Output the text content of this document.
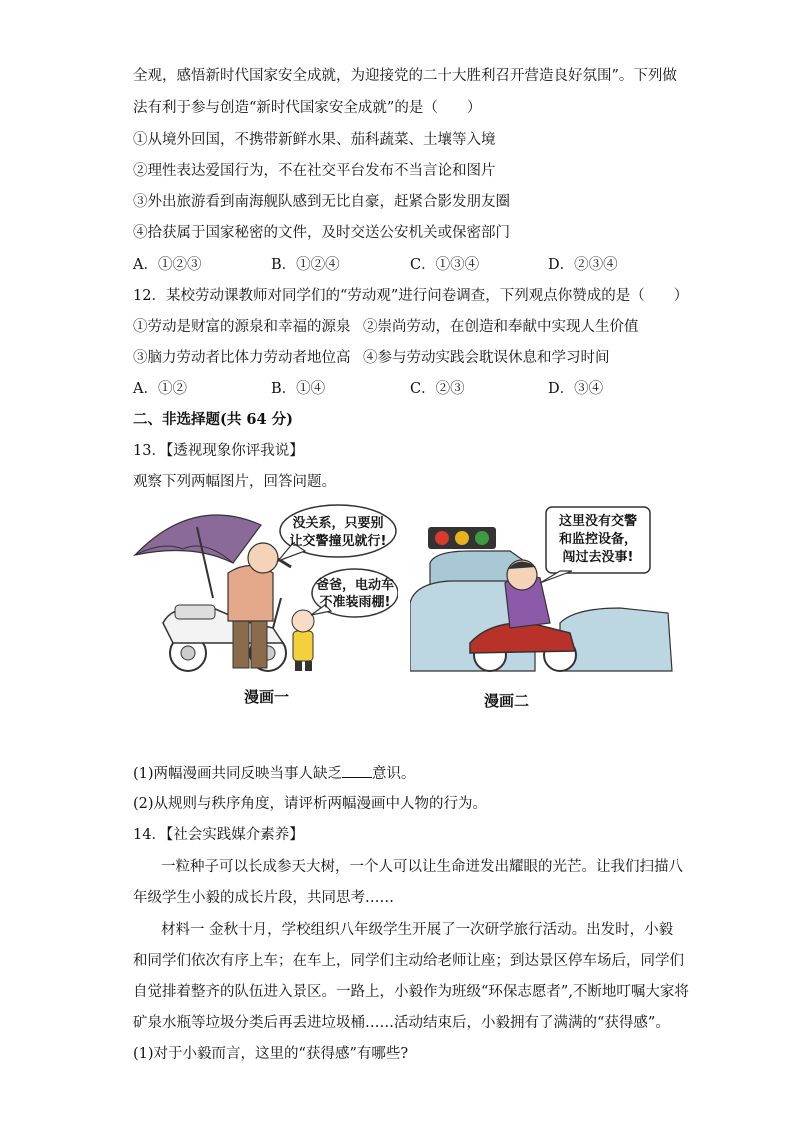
全观，感悟新时代国家安全成就，为迎接党的二十大胜利召开营造良好氛围”。下列做
法有利于参与创造“新时代国家安全成就”的是（　　）
①从境外回国，不携带新鲜水果、茄科蔬菜、土壤等入境
②理性表达爱国行为，不在社交平台发布不当言论和图片
③外出旅游看到南海舰队感到无比自豪，赶紧合影发朋友圈
④拾获属于国家秘密的文件，及时交送公安机关或保密部门
A．①②③	B．①②④	C．①③④	D．②③④
12．某校劳动课教师对同学们的“劳动观”进行问卷调查，下列观点你赞成的是（　　）
①劳动是财富的源泉和幸福的源泉 ②崇尚劳动，在创造和奉献中实现人生价值
③脑力劳动者比体力劳动者地位高 ④参与劳动实践会耽误休息和学习时间
A．①②	B．①④	C．②③	D．③④
二、非选择题(共 64 分)
13．【透视现象你评我说】
观察下列两幅图片，回答问题。
没关系，只要别
让交警撞见就行!
爸爸，电动车
不准装雨棚!
漫画一
这里没有交警
和监控设备，
闯过去没事!
漫画二
(1)两幅漫画共同反映当事人缺乏 意识。
(2)从规则与秩序角度，请评析两幅漫画中人物的行为。
14．【社会实践媒介素养】
一粒种子可以长成参天大树，一个人可以让生命迸发出耀眼的光芒。让我们扫描八
年级学生小毅的成长片段，共同思考……
材料一 金秋十月，学校组织八年级学生开展了一次研学旅行活动。出发时，小毅
和同学们依次有序上车；在车上，同学们主动给老师让座；到达景区停车场后，同学们
自觉排着整齐的队伍进入景区。一路上，小毅作为班级“环保志愿者”,不断地叮嘱大家将
矿泉水瓶等垃圾分类后再丢进垃圾桶……活动结束后，小毅拥有了满满的“获得感”。
(1)对于小毅而言，这里的“获得感”有哪些?
